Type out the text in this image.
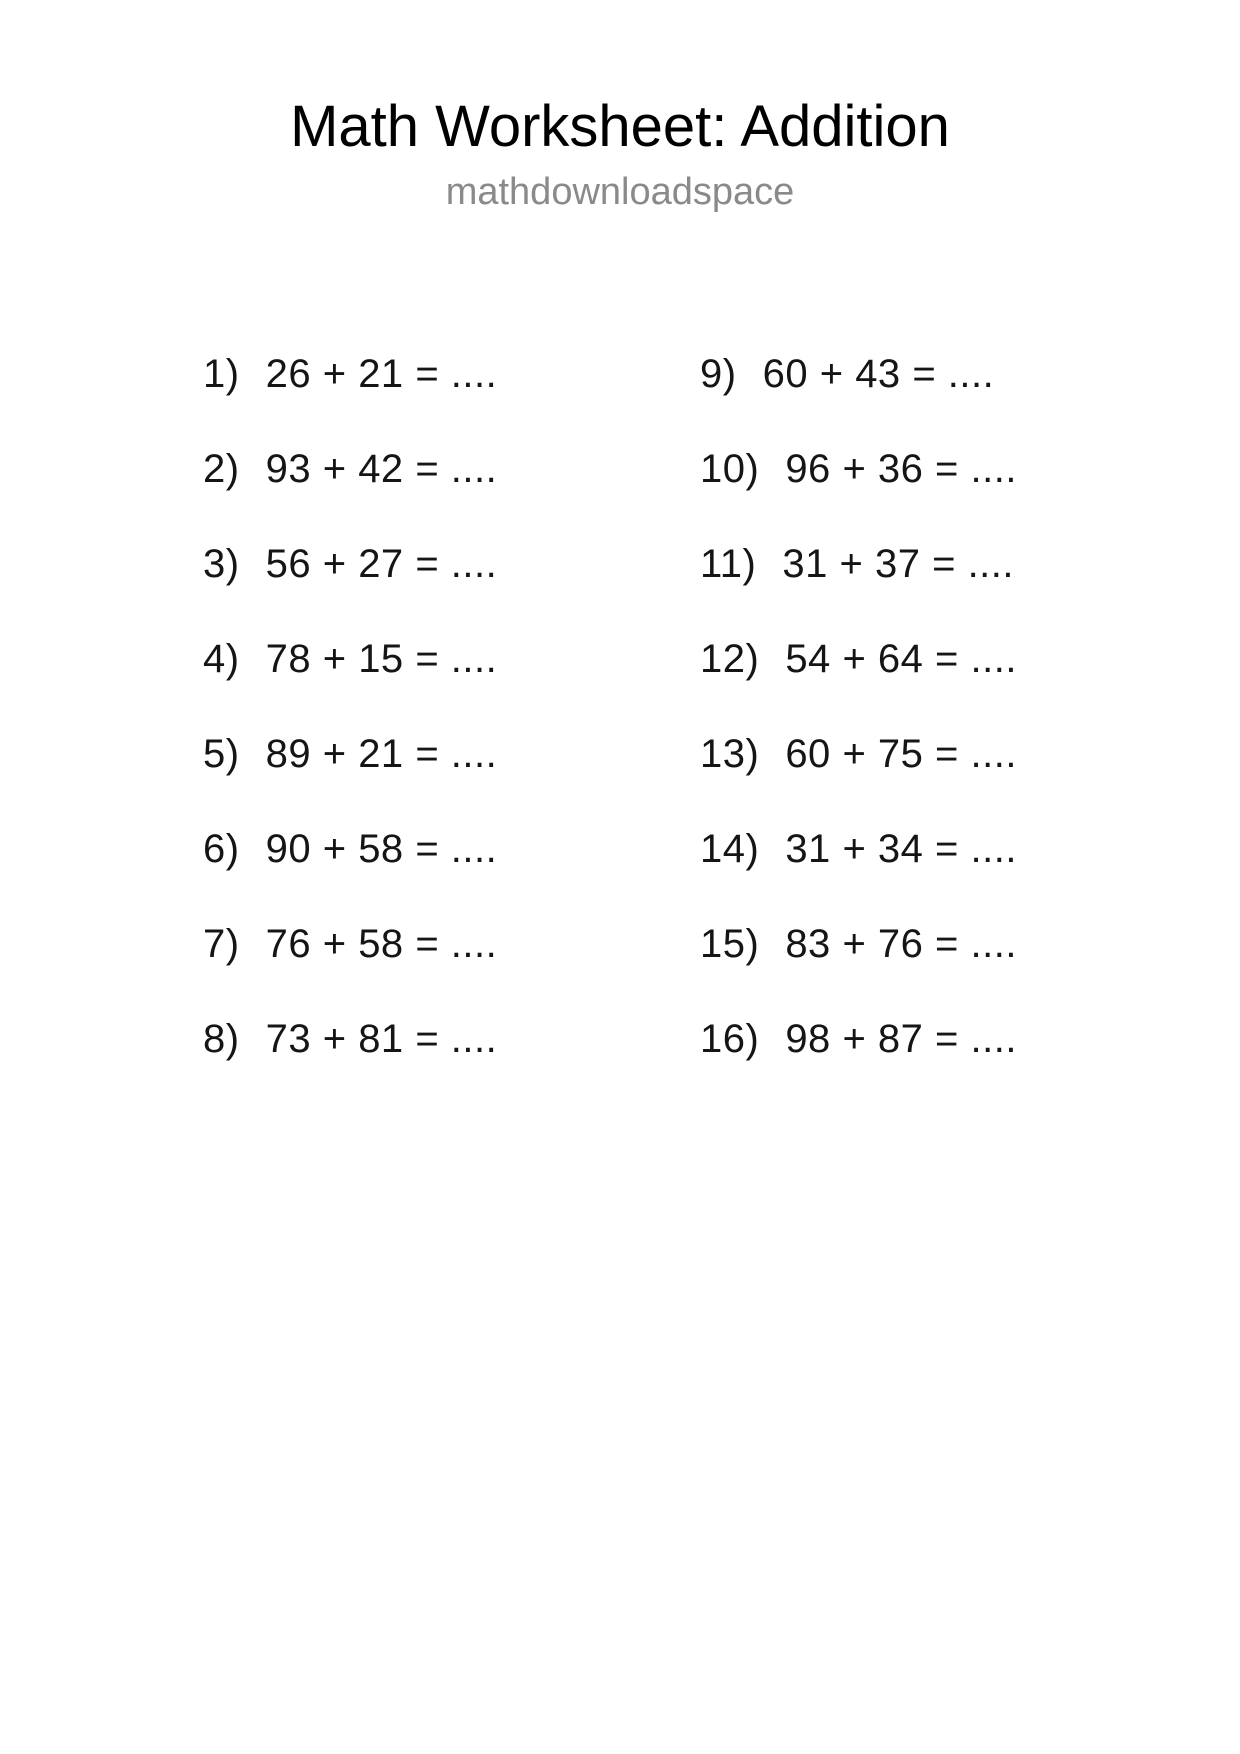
Math Worksheet: Addition
mathdownloadspace
1) 26 + 21 = ....
2) 93 + 42 = ....
3) 56 + 27 = ....
4) 78 + 15 = ....
5) 89 + 21 = ....
6) 90 + 58 = ....
7) 76 + 58 = ....
8) 73 + 81 = ....
9) 60 + 43 = ....
10) 96 + 36 = ....
11) 31 + 37 = ....
12) 54 + 64 = ....
13) 60 + 75 = ....
14) 31 + 34 = ....
15) 83 + 76 = ....
16) 98 + 87 = ....
